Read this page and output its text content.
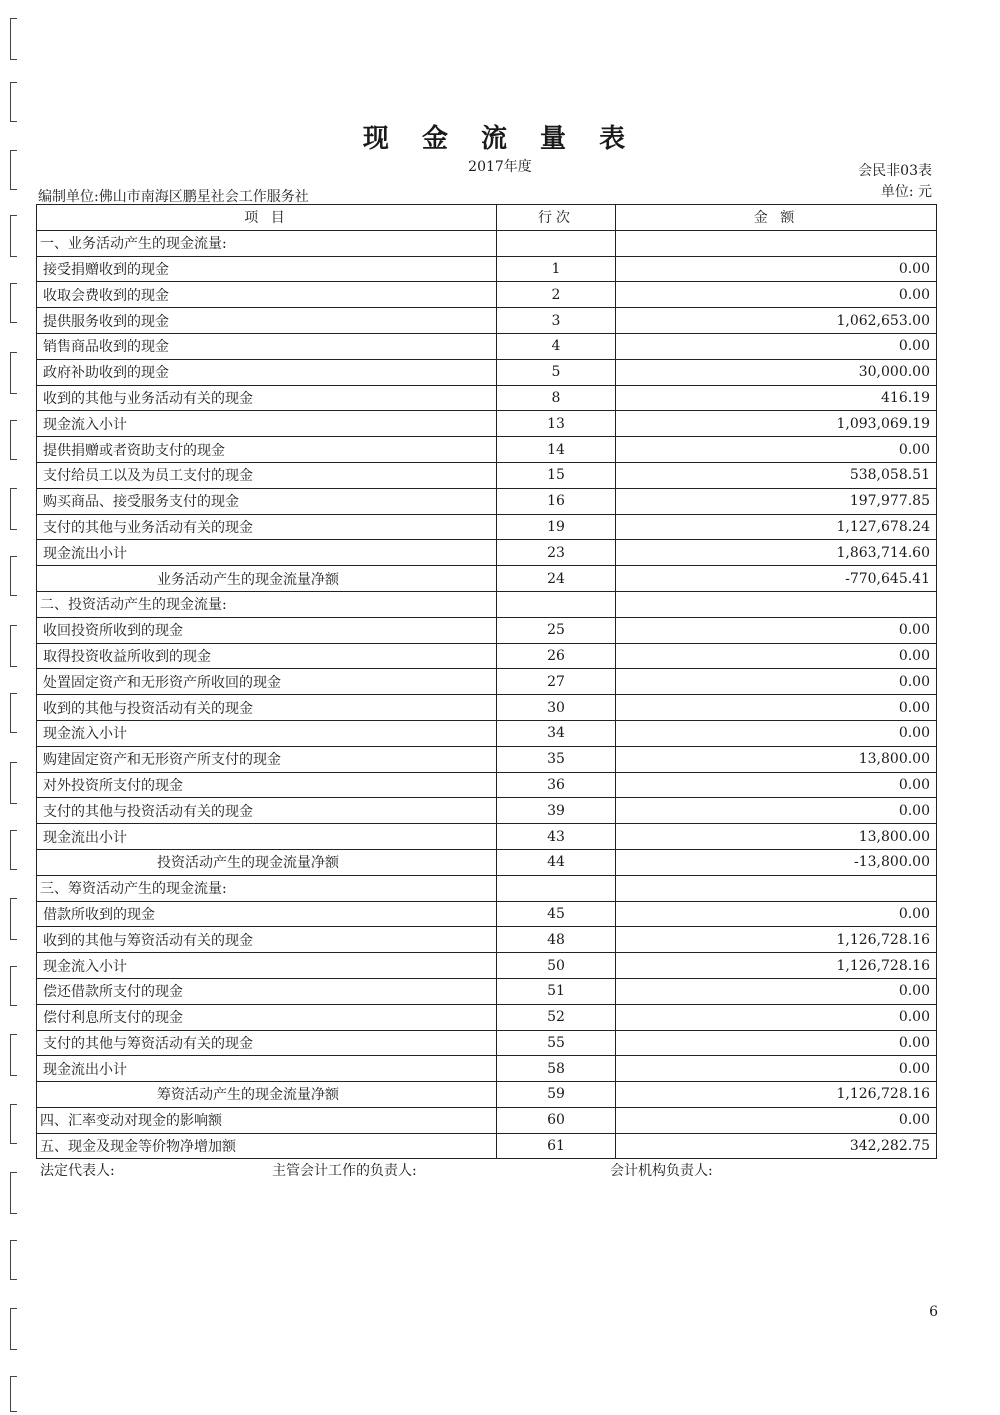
现 金 流 量 表
2017年度	会民非03表
编制单位:佛山市南海区鹏星社会工作服务社	单位: 元
项 目	行次	金 额
一、业务活动产生的现金流量:		
接受捐赠收到的现金	1	0.00
收取会费收到的现金	2	0.00
提供服务收到的现金	3	1,062,653.00
销售商品收到的现金	4	0.00
政府补助收到的现金	5	30,000.00
收到的其他与业务活动有关的现金	8	416.19
现金流入小计	13	1,093,069.19
提供捐赠或者资助支付的现金	14	0.00
支付给员工以及为员工支付的现金	15	538,058.51
购买商品、接受服务支付的现金	16	197,977.85
支付的其他与业务活动有关的现金	19	1,127,678.24
现金流出小计	23	1,863,714.60
业务活动产生的现金流量净额	24	-770,645.41
二、投资活动产生的现金流量:		
收回投资所收到的现金	25	0.00
取得投资收益所收到的现金	26	0.00
处置固定资产和无形资产所收回的现金	27	0.00
收到的其他与投资活动有关的现金	30	0.00
现金流入小计	34	0.00
购建固定资产和无形资产所支付的现金	35	13,800.00
对外投资所支付的现金	36	0.00
支付的其他与投资活动有关的现金	39	0.00
现金流出小计	43	13,800.00
投资活动产生的现金流量净额	44	-13,800.00
三、筹资活动产生的现金流量:		
借款所收到的现金	45	0.00
收到的其他与筹资活动有关的现金	48	1,126,728.16
现金流入小计	50	1,126,728.16
偿还借款所支付的现金	51	0.00
偿付利息所支付的现金	52	0.00
支付的其他与筹资活动有关的现金	55	0.00
现金流出小计	58	0.00
筹资活动产生的现金流量净额	59	1,126,728.16
四、汇率变动对现金的影响额	60	0.00
五、现金及现金等价物净增加额	61	342,282.75
法定代表人:	主管会计工作的负责人:	会计机构负责人:
6
